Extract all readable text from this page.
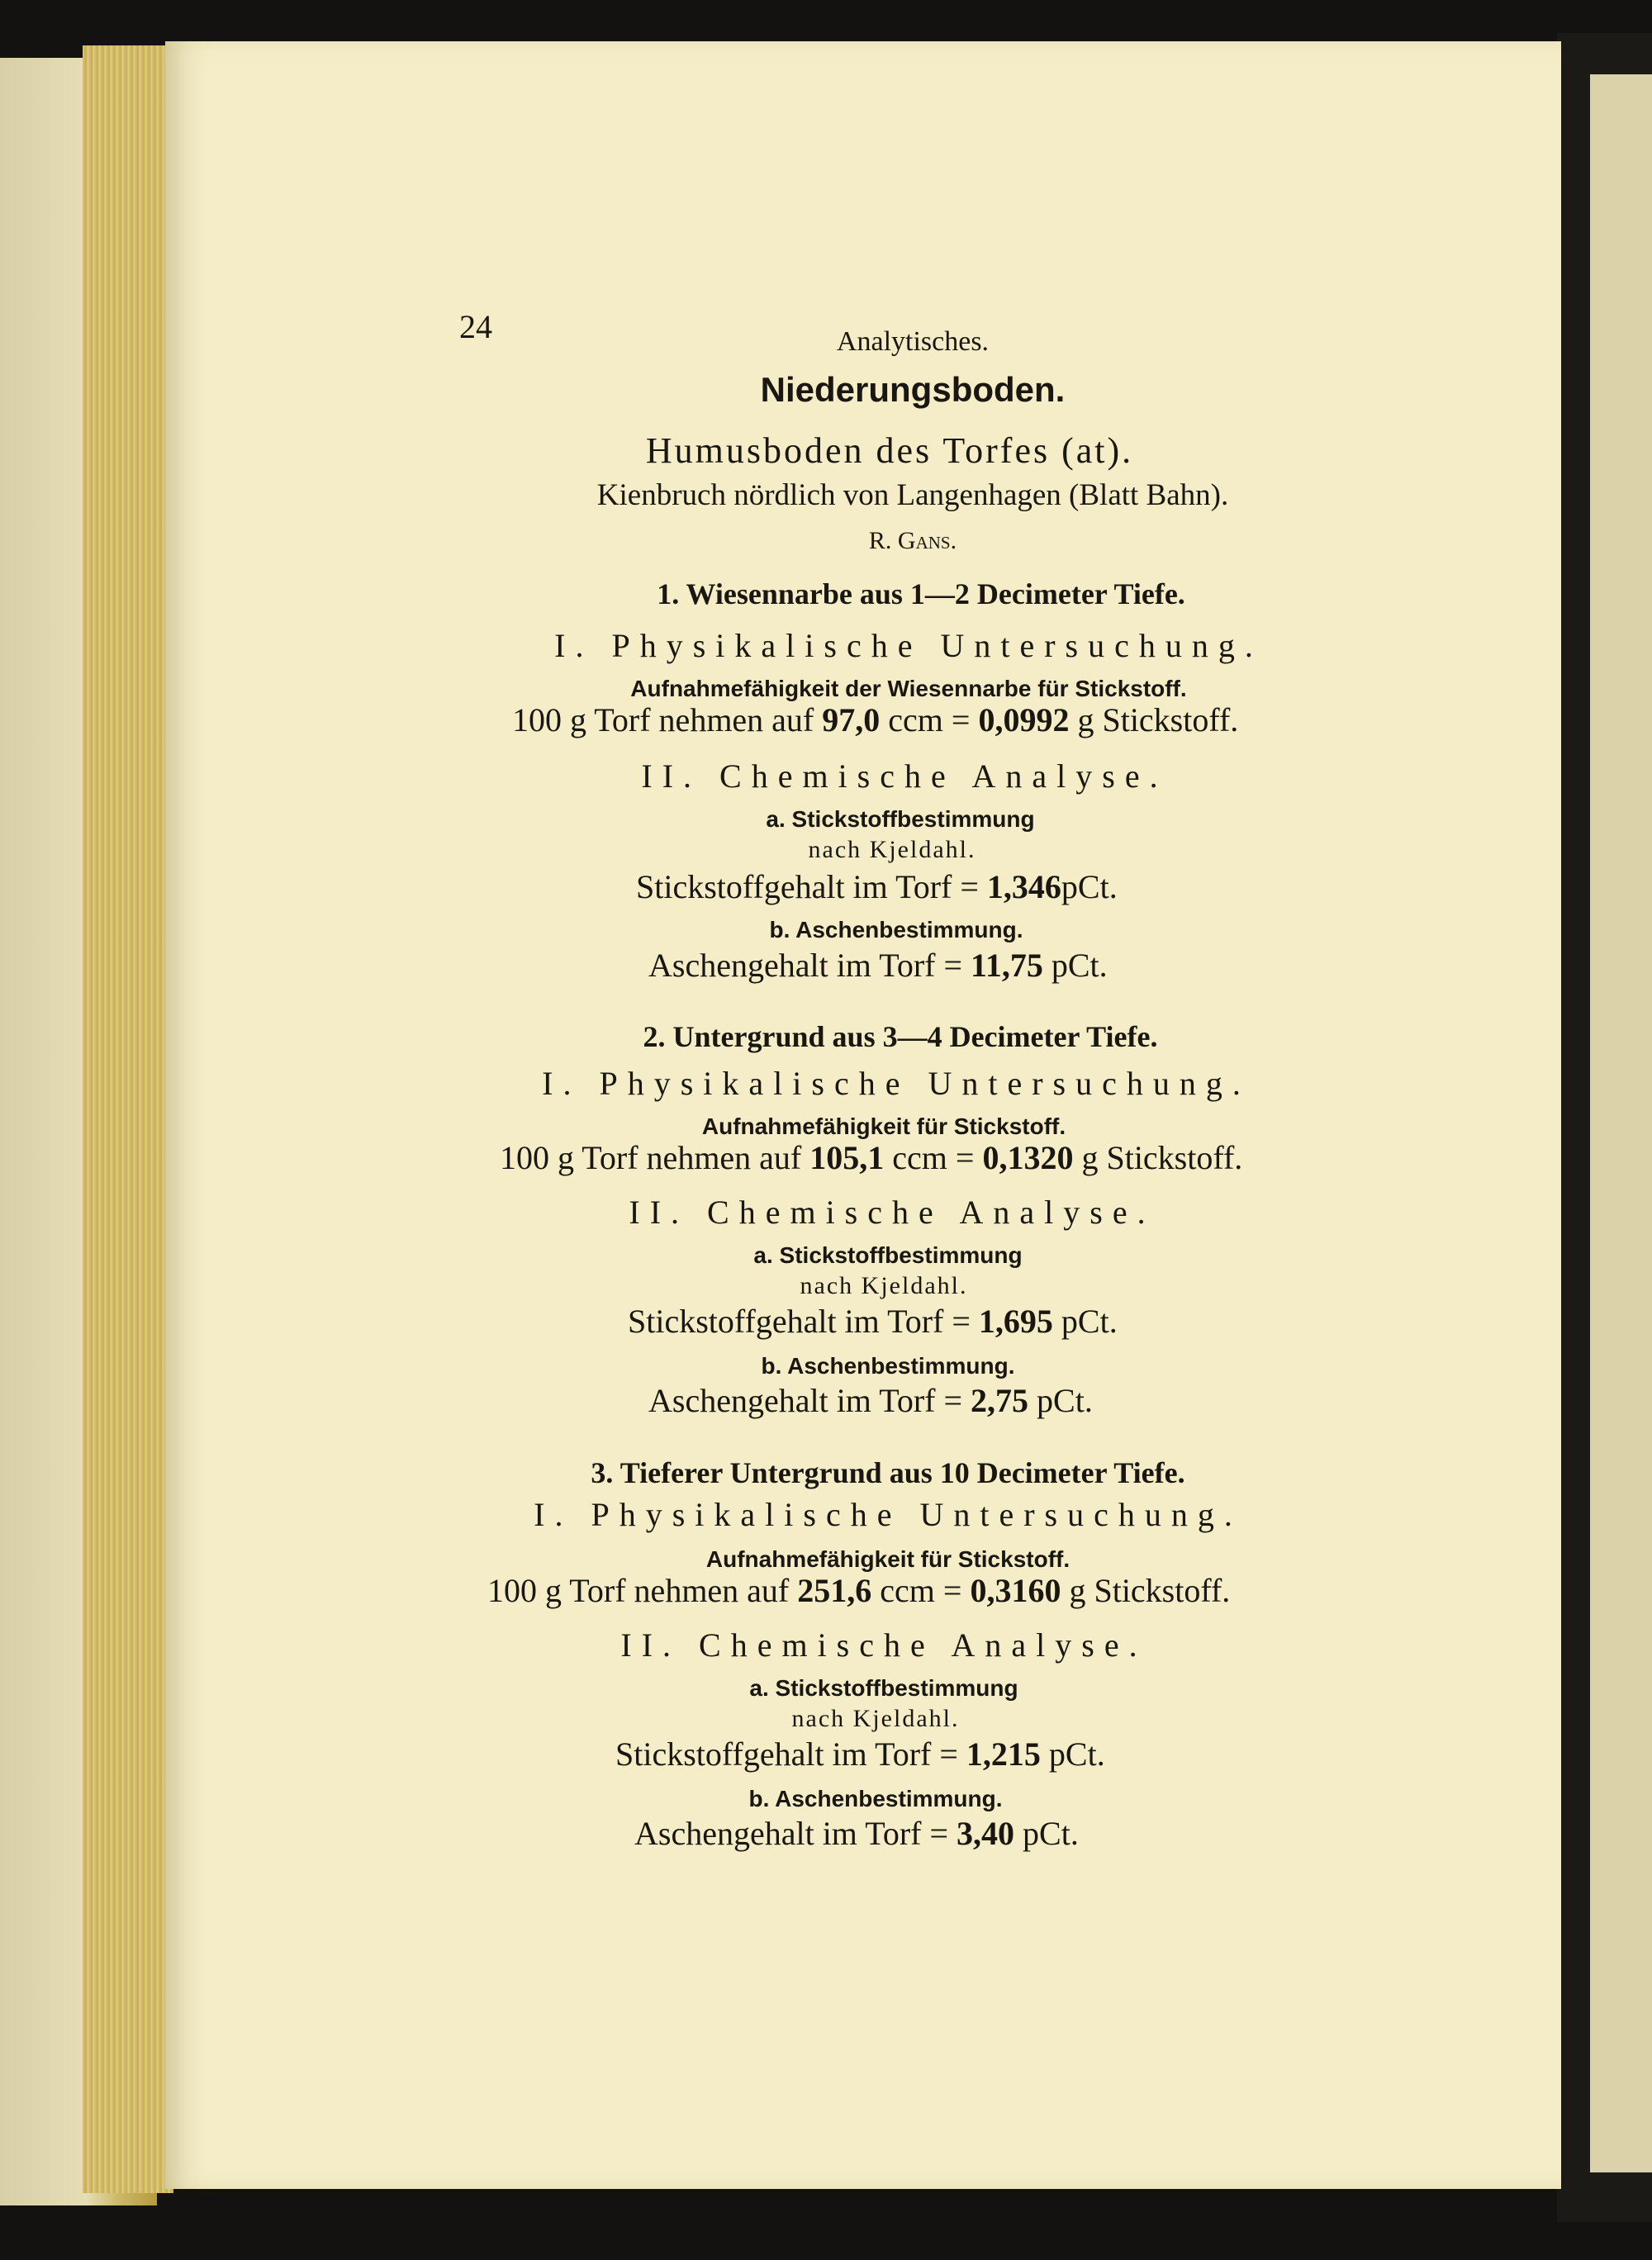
24	Analytisches.
Niederungsboden.
Humusboden des Torfes (at).
Kienbruch nördlich von Langenhagen (Blatt Bahn).
R. Gans.
1. Wiesennarbe aus 1—2 Decimeter Tiefe.
I. Physikalische Untersuchung.
Aufnahmefähigkeit der Wiesennarbe für Stickstoff.
100 g Torf nehmen auf 97,0 ccm = 0,0992 g Stickstoff.
II. Chemische Analyse.
a. Stickstoffbestimmung
nach Kjeldahl.
Stickstoffgehalt im Torf = 1,346pCt.
b. Aschenbestimmung.
Aschengehalt im Torf = 11,75 pCt.
2. Untergrund aus 3—4 Decimeter Tiefe.
I. Physikalische Untersuchung.
Aufnahmefähigkeit für Stickstoff.
100 g Torf nehmen auf 105,1 ccm = 0,1320 g Stickstoff.
II. Chemische Analyse.
a. Stickstoffbestimmung
nach Kjeldahl.
Stickstoffgehalt im Torf = 1,695 pCt.
b. Aschenbestimmung.
Aschengehalt im Torf = 2,75 pCt.
3. Tieferer Untergrund aus 10 Decimeter Tiefe.
I. Physikalische Untersuchung.
Aufnahmefähigkeit für Stickstoff.
100 g Torf nehmen auf 251,6 ccm = 0,3160 g Stickstoff.
II. Chemische Analyse.
a. Stickstoffbestimmung
nach Kjeldahl.
Stickstoffgehalt im Torf = 1,215 pCt.
b. Aschenbestimmung.
Aschengehalt im Torf = 3,40 pCt.
